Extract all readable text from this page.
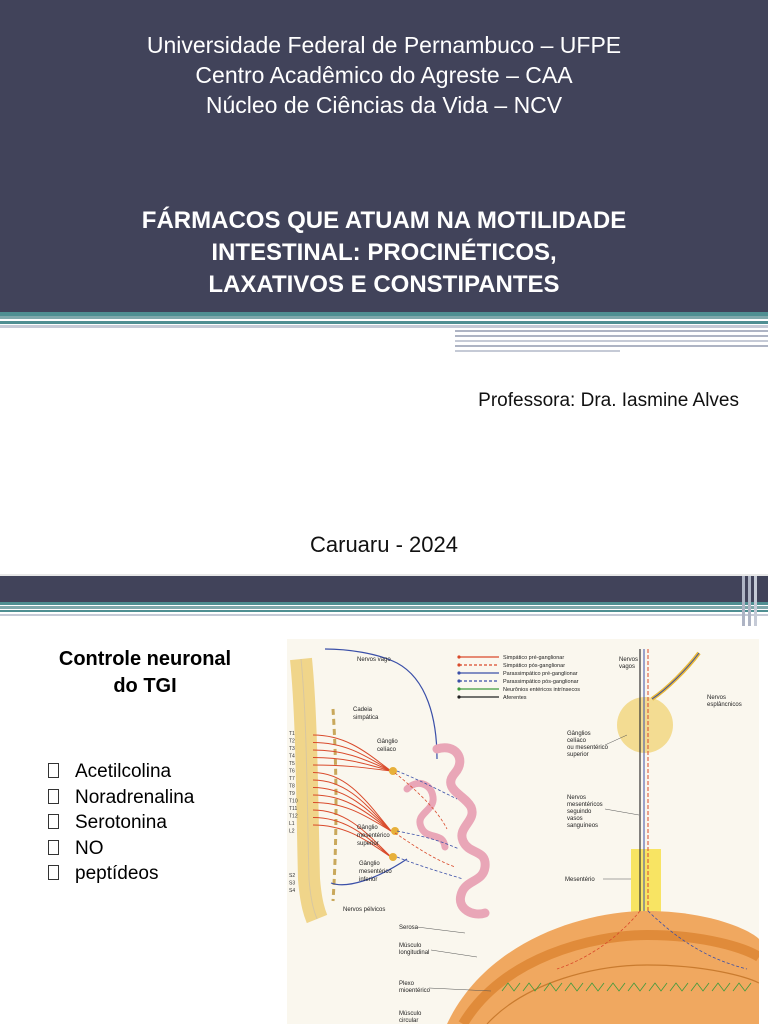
Universidade Federal de Pernambuco – UFPE
Centro Acadêmico do Agreste – CAA
Núcleo de Ciências da Vida – NCV
FÁRMACOS QUE ATUAM NA MOTILIDADE
INTESTINAL: PROCINÉTICOS,
LAXATIVOS E CONSTIPANTES
Professora: Dra. Iasmine Alves
Caruaru - 2024
Controle neuronal
do TGI
Acetilcolina
Noradrenalina
Serotonina
NO
peptídeos
T1
T2
T3
T4
T5
T6
T7
T8
T9
T10
T11
T12
L1
L2
S2
S3
S4
Nervos vago
Cadeia
simpática
Gânglio
celíaco
Gânglio
mesentérico
superior
Gânglio
mesentérico
inferior
Nervos pélvicos
Simpático pré-ganglionar
Simpático pós-ganglionar
Parassimpático pré-ganglionar
Parassimpático pós-ganglionar
Neurônios entéricos intrínsecos
Aferentes
Nervos
vagos
Nervos
esplâncnicos
Gânglios
celíaco
ou mesentérico
superior
Nervos
mesentéricos
seguindo
vasos
sanguíneos
Mesentério
Serosa
Músculo
longitudinal
Plexo
mioentérico
Músculo
circular
